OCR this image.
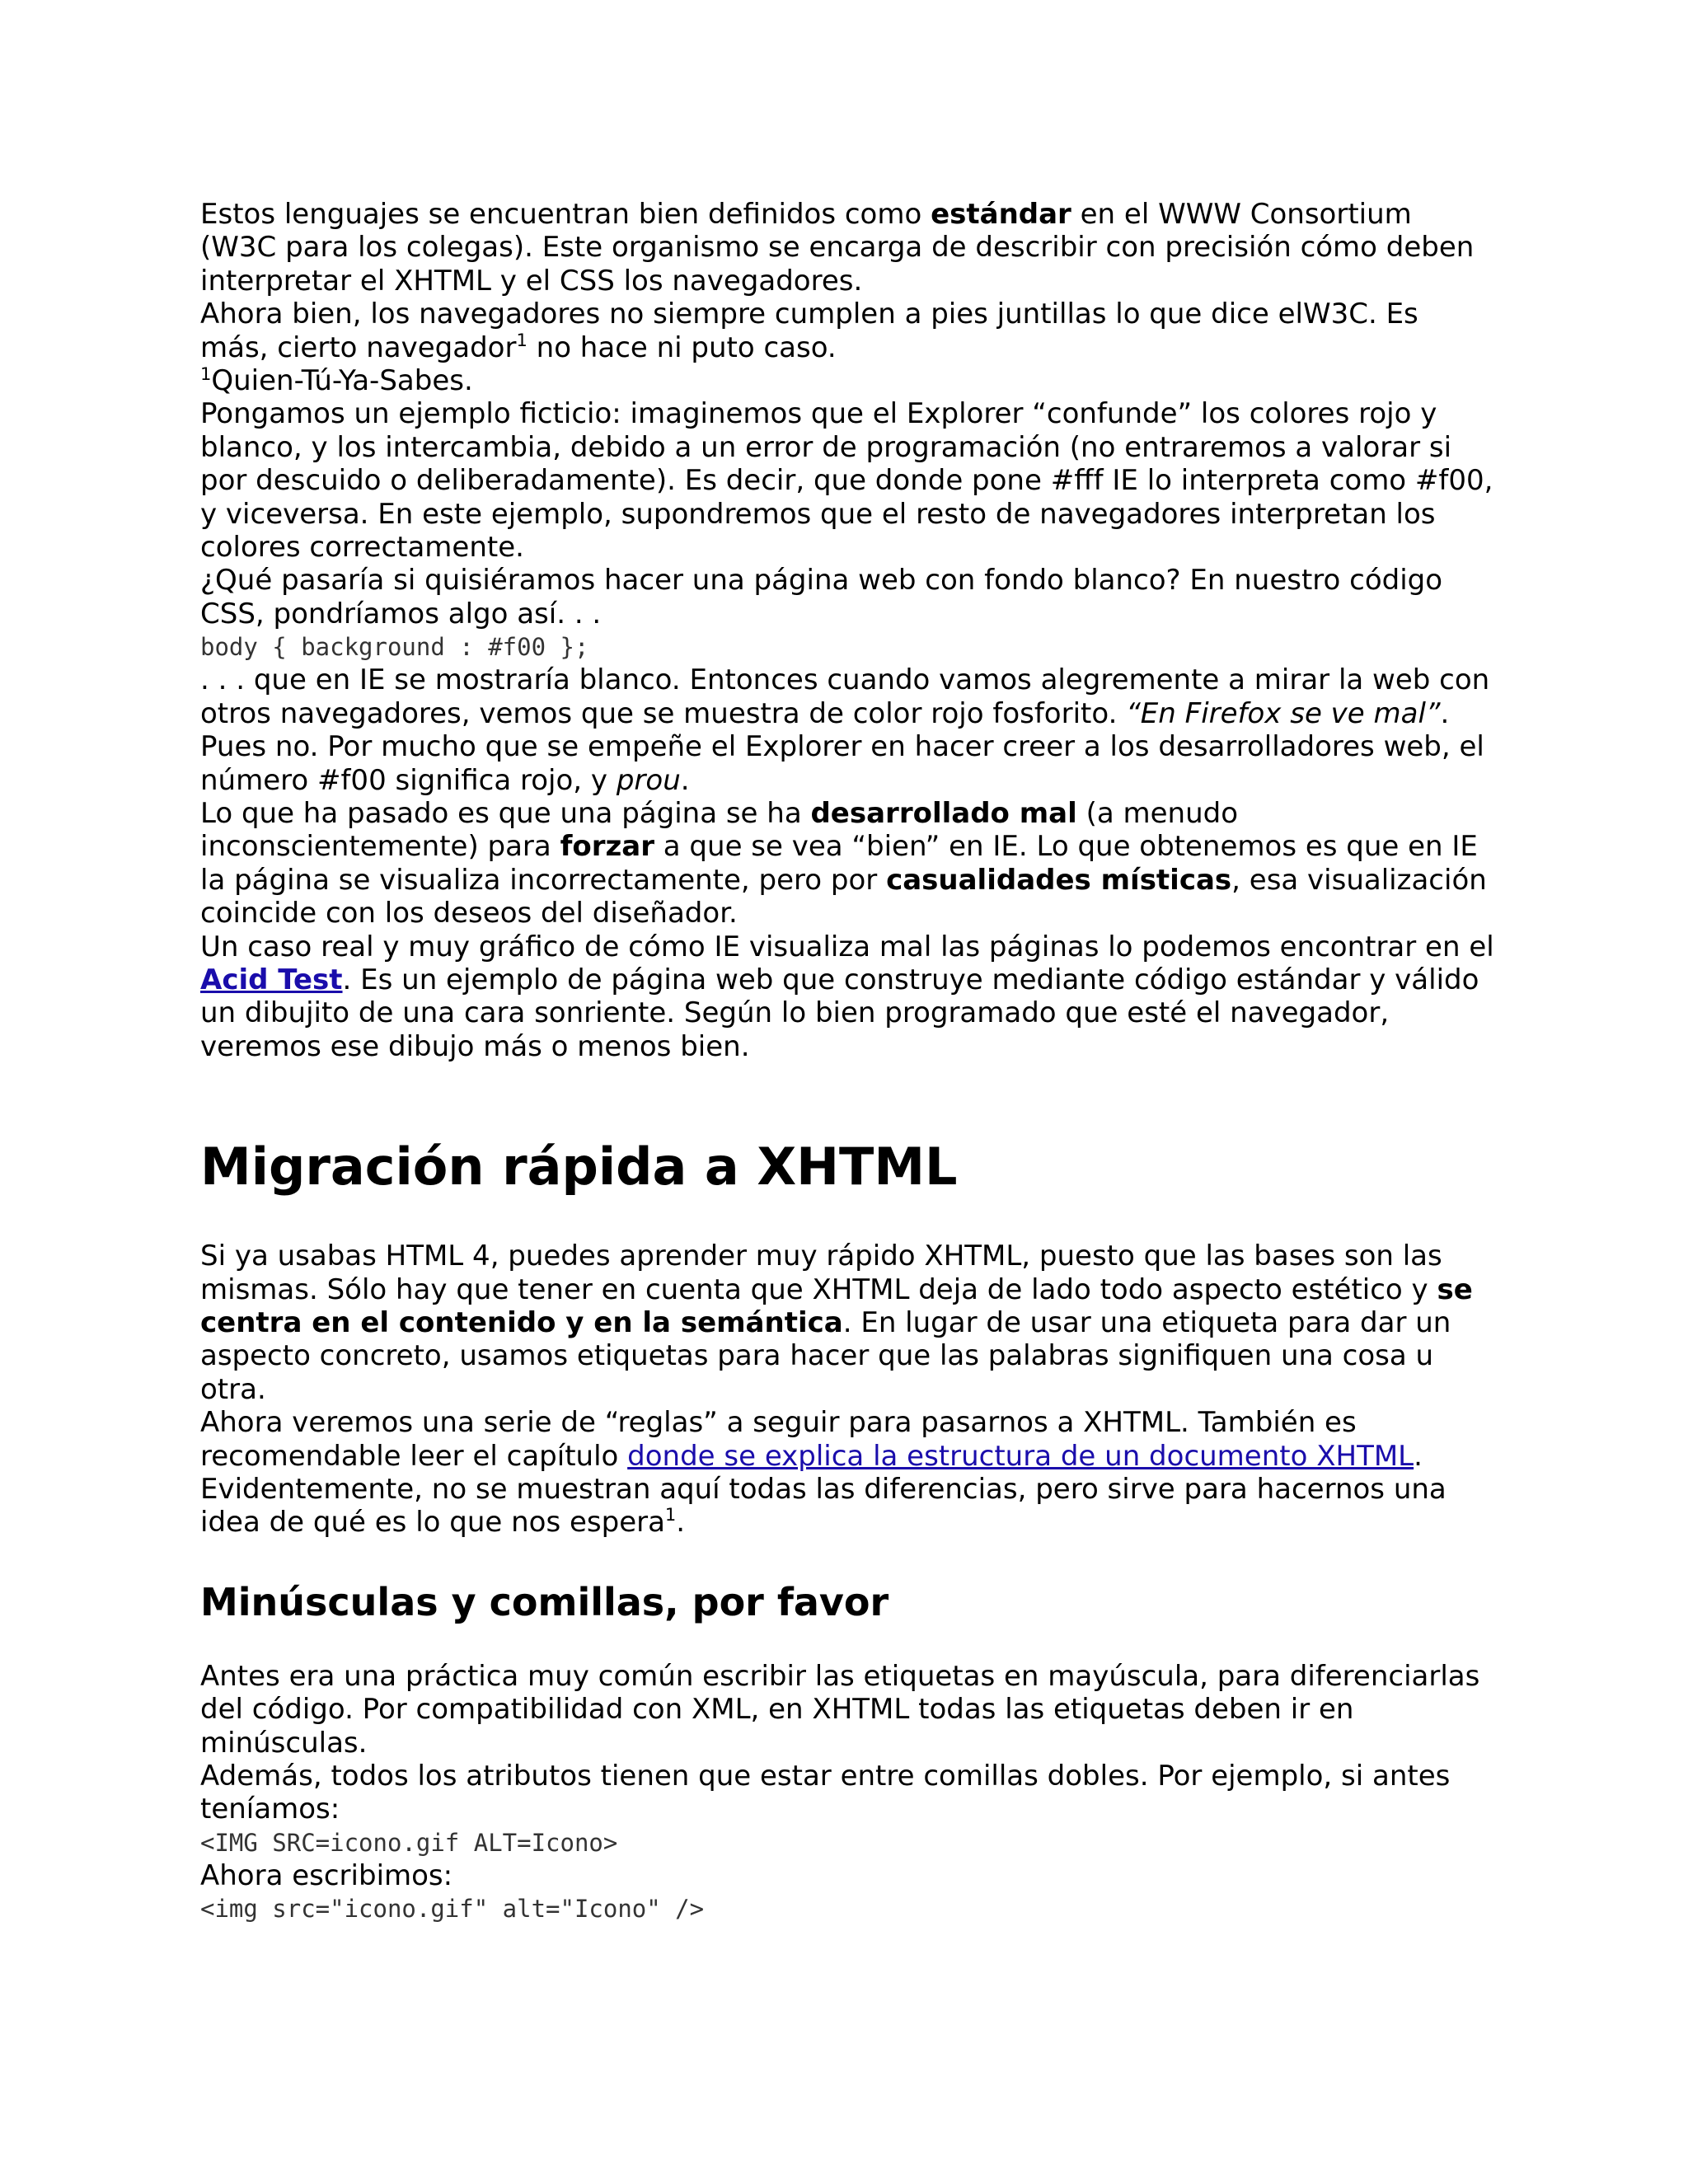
Estos lenguajes se encuentran bien definidos como estándar en el WWW Consortium (W3C para los colegas). Este organismo se encarga de describir con precisión cómo deben interpretar el XHTML y el CSS los navegadores.

Ahora bien, los navegadores no siempre cumplen a pies juntillas lo que dice elW3C. Es más, cierto navegador$^1$ no hace ni puto caso.

$^1$Quien-Tú-Ya-Sabes.

Pongamos un ejemplo ficticio: imaginemos que el Explorer “confunde” los colores rojo y blanco, y los intercambia, debido a un error de programación (no entraremos a valorar si por descuido o deliberadamente). Es decir, que donde pone #fff IE lo interpreta como #f00, y viceversa. En este ejemplo, supondremos que el resto de navegadores interpretan los colores correctamente.

¿Qué pasaría si quisiéramos hacer una página web con fondo blanco? En nuestro código CSS, pondríamos algo así. . .

body { background : #f00 };

. . . que en IE se mostraría blanco. Entonces cuando vamos alegremente a mirar la web con otros navegadores, vemos que se muestra de color rojo fosforito. “En Firefox se ve mal”.

Pues no. Por mucho que se empeñe el Explorer en hacer creer a los desarrolladores web, el número #f00 significa rojo, y prou.

Lo que ha pasado es que una página se ha desarrollado mal (a menudo inconscientemente) para forzar a que se vea “bien” en IE. Lo que obtenemos es que en IE la página se visualiza incorrectamente, pero por casualidades místicas, esa visualización coincide con los deseos del diseñador.

Un caso real y muy gráfico de cómo IE visualiza mal las páginas lo podemos encontrar en el Acid Test. Es un ejemplo de página web que construye mediante código estándar y válido un dibujito de una cara sonriente. Según lo bien programado que esté el navegador, veremos ese dibujo más o menos bien.

Migración rápida a XHTML

Si ya usabas HTML 4, puedes aprender muy rápido XHTML, puesto que las bases son las mismas. Sólo hay que tener en cuenta que XHTML deja de lado todo aspecto estético y se centra en el contenido y en la semántica. En lugar de usar una etiqueta para dar un aspecto concreto, usamos etiquetas para hacer que las palabras signifiquen una cosa u otra.

Ahora veremos una serie de “reglas” a seguir para pasarnos a XHTML. También es recomendable leer el capítulo donde se explica la estructura de un documento XHTML.

Evidentemente, no se muestran aquí todas las diferencias, pero sirve para hacernos una idea de qué es lo que nos espera$^1$.

Minúsculas y comillas, por favor

Antes era una práctica muy común escribir las etiquetas en mayúscula, para diferenciarlas del código. Por compatibilidad con XML, en XHTML todas las etiquetas deben ir en minúsculas.

Además, todos los atributos tienen que estar entre comillas dobles. Por ejemplo, si antes teníamos:

<IMG SRC=icono.gif ALT=Icono>

Ahora escribimos:

<img src="icono.gif" alt="Icono" />
